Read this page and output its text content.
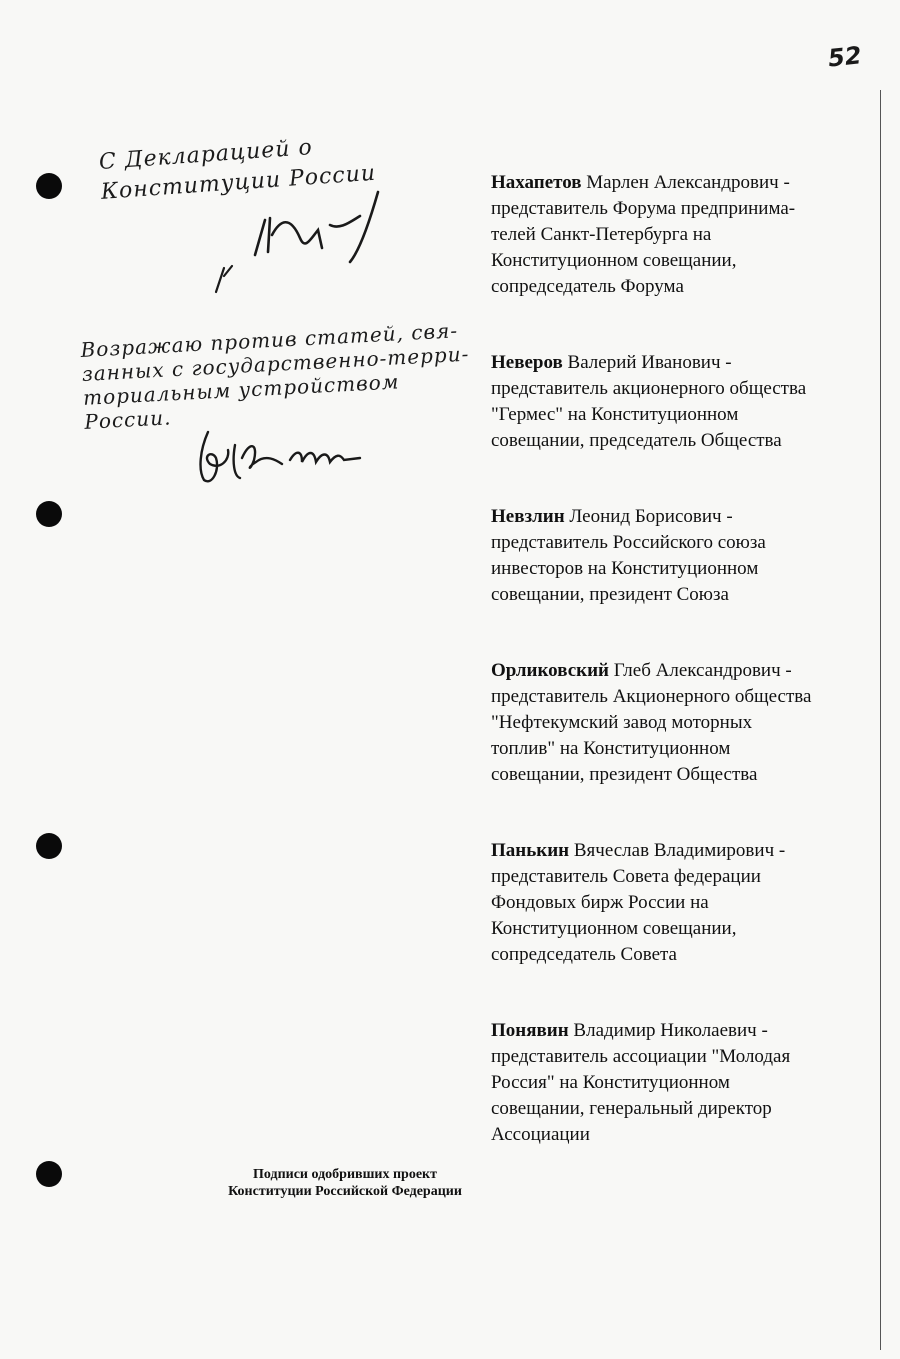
52
С Декларацией о
Конституции России
Возражаю против статей, свя-
занных с государственно-терри-
ториальным устройством
России.

Нахапетов Марлен Александрович -

представитель Форума предпринима-

телей Санкт-Петербурга на

Конституционном совещании,

сопредседатель Форума

Неверов Валерий Иванович -

представитель акционерного общества

"Гермес" на Конституционном

совещании, председатель Общества

Невзлин Леонид Борисович -

представитель Российского союза

инвесторов на Конституционном

совещании, президент Союза

Орликовский Глеб Александрович -

представитель Акционерного общества

"Нефтекумский завод моторных

топлив" на Конституционном

совещании, президент Общества

Панькин Вячеслав Владимирович -

представитель Совета федерации

Фондовых бирж России на

Конституционном совещании,

сопредседатель Совета

Понявин Владимир Николаевич -

представитель ассоциации "Молодая

Россия" на Конституционном

совещании, генеральный директор

Ассоциации

Подписи одобривших проект

Конституции Российской Федерации
